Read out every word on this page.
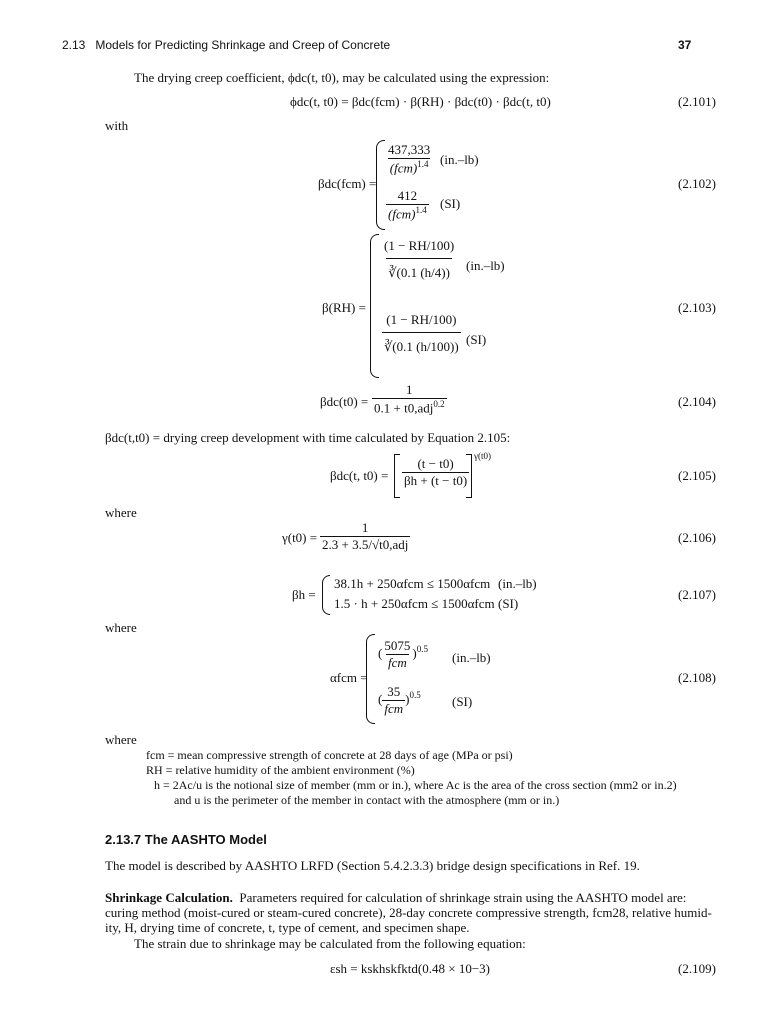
2.13 Models for Predicting Shrinkage and Creep of Concrete	37
The drying creep coefficient, ϕdc(t, t0), may be calculated using the expression:
ϕdc(t, t0) = βdc(fcm) · β(RH) · βdc(t0) · βdc(t, t0)	(2.101)
with
βdc(fcm) =
$\frac{437,333}{(fcm)^{1.4}} (in.-lb)$
$\frac{412}{(fcm)^{1.4}} (SI)$
(2.102)
β(RH) =
$\frac{(1 - RH/100)}{∛(0.1 (h/4))} (in.-lb)$
$\frac{(1 - RH/100)}{∛(0.1 (h/100))} (SI)$
(2.103)
$\beta dc(t0) = \frac{1}{0.1 + t0,adj^{0.2}}$	(2.104)
βdc(t,t0) = drying creep development with time calculated by Equation 2.105:
βdc(t, $t0) = \frac{(t - t0)}{\beta h + (t - t0)} \gamma(t0)$
(2.105)
where
$\gamma(t0) = \frac{1}{\text{2.3 + 3.5/√t0,adj}}$	(2.106)
βh =
38.1h + 250αfcm ≤ 1500αfcm (in.–lb)
1.5 · h + 250αfcm ≤ 1500αfcm (SI)
(2.107)
where
αfcm =
( $\frac{5075}{\text{fcm}} )^{0.5}$
(in.–lb)
( $\frac{35}{\text{fcm}} )^{0.5}$ (SI)
(2.108)
where
fcm = mean compressive strength of concrete at 28 days of age (MPa or psi)
RH = relative humidity of the ambient environment (%)
h = 2Ac/u is the notional size of member (mm or in.), where Ac is the area of the cross section (mm2 or in.2)
and u is the perimeter of the member in contact with the atmosphere (mm or in.)
2.13.7 The AASHTO Model
The model is described by AASHTO LRFD (Section 5.4.2.3.3) bridge design specifications in Ref. 19.
Shrinkage Calculation. Parameters required for calculation of shrinkage strain using the AASHTO model are:
curing method (moist-cured or steam-cured concrete), 28-day concrete compressive strength, fcm28, relative humid-
ity, H, drying time of concrete, t, type of cement, and specimen shape.
The strain due to shrinkage may be calculated from the following equation:
εsh = kskhskfktd(0.48 × 10−3)	(2.109)
